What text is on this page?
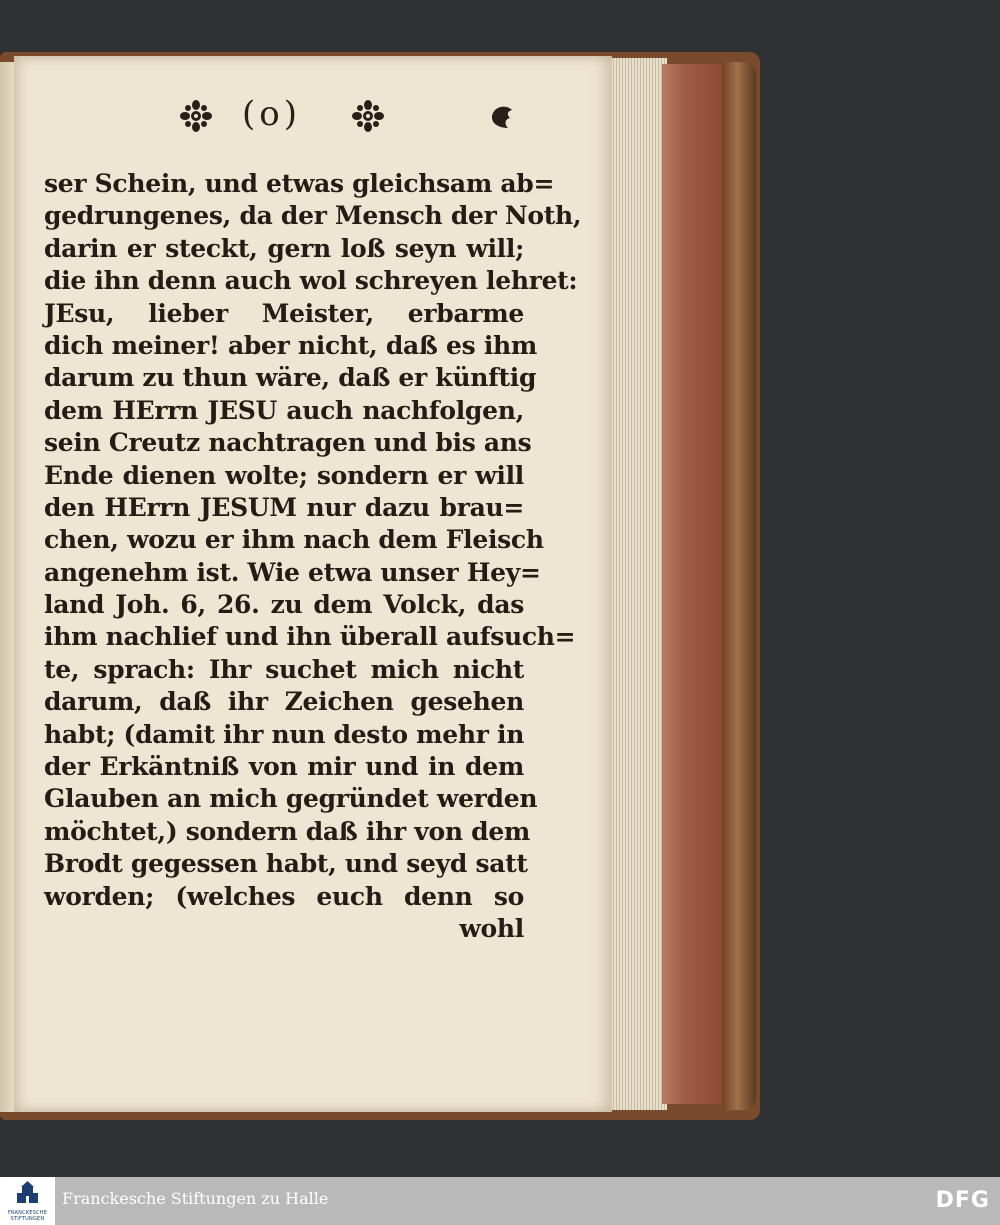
(o)
ser Schein, und etwas gleichsam ab=
gedrungenes, da der Mensch der Noth,
darin er steckt, gern loß seyn will;
die ihn denn auch wol schreyen lehret:
JEsu, lieber Meister, erbarme
dich meiner! aber nicht, daß es ihm
darum zu thun wäre, daß er künftig
dem HErrn JESU auch nachfolgen,
sein Creutz nachtragen und bis ans
Ende dienen wolte; sondern er will
den HErrn JESUM nur dazu brau=
chen, wozu er ihm nach dem Fleisch
angenehm ist. Wie etwa unser Hey=
land Joh. 6, 26. zu dem Volck, das
ihm nachlief und ihn überall aufsuch=
te, sprach: Ihr suchet mich nicht
darum, daß ihr Zeichen gesehen
habt; (damit ihr nun desto mehr in
der Erkäntniß von mir und in dem
Glauben an mich gegründet werden
möchtet,) sondern daß ihr von dem
Brodt gegessen habt, und seyd satt
worden; (welches euch denn so
wohl
FRANCKESCHE STIFTUNGEN
Franckesche Stiftungen zu Halle	DFG
